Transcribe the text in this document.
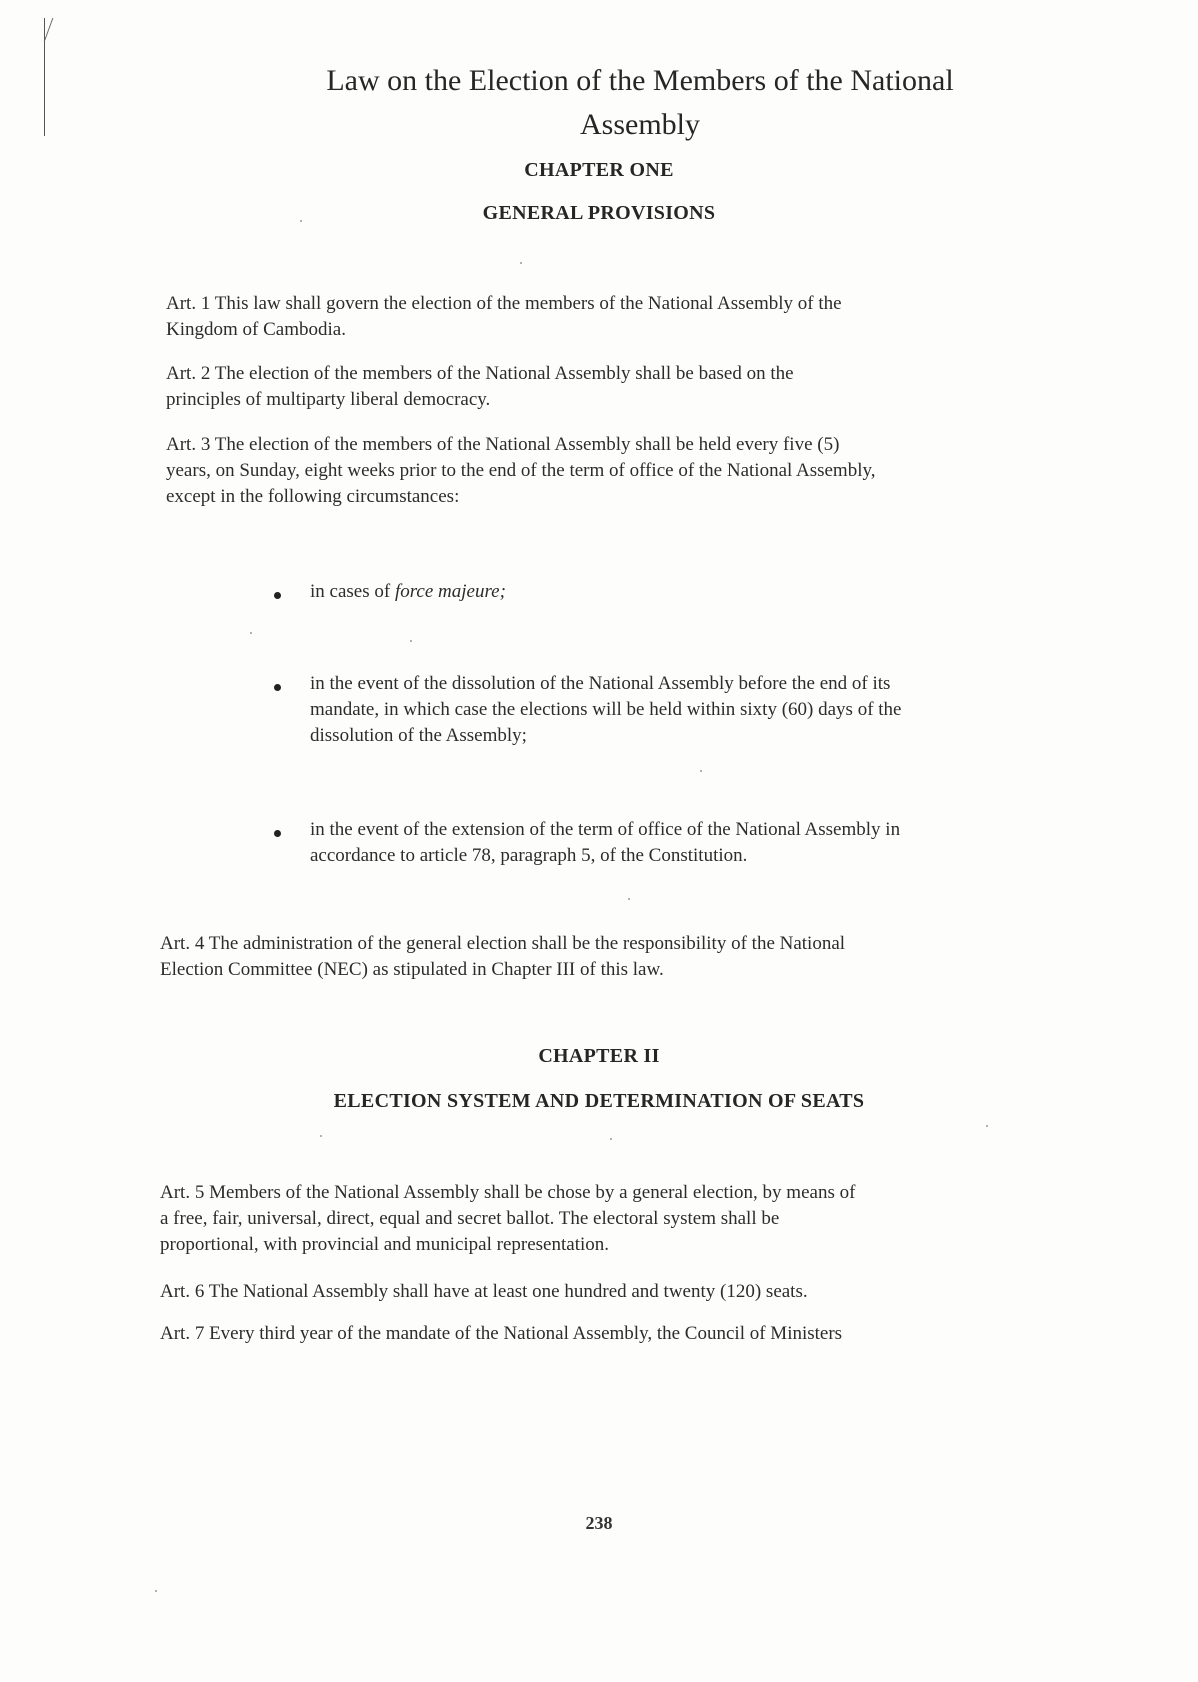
Law on the Election of the Members of the National
Assembly
CHAPTER ONE
GENERAL PROVISIONS

Art. 1 This law shall govern the election of the members of the National Assembly of the

Kingdom of Cambodia.

Art. 2 The election of the members of the National Assembly shall be based on the

principles of multiparty liberal democracy.

Art. 3 The election of the members of the National Assembly shall be held every five (5)

years, on Sunday, eight weeks prior to the end of the term of office of the National Assembly,

except in the following circumstances:

in cases of force majeure;

in the event of the dissolution of the National Assembly before the end of its

mandate, in which case the elections will be held within sixty (60) days of the

dissolution of the Assembly;

in the event of the extension of the term of office of the National Assembly in

accordance to article 78, paragraph 5, of the Constitution.

Art. 4 The administration of the general election shall be the responsibility of the National

Election Committee (NEC) as stipulated in Chapter III of this law.

CHAPTER II
ELECTION SYSTEM AND DETERMINATION OF SEATS

Art. 5 Members of the National Assembly shall be chose by a general election, by means of

a free, fair, universal, direct, equal and secret ballot. The electoral system shall be

proportional, with provincial and municipal representation.

Art. 6 The National Assembly shall have at least one hundred and twenty (120) seats.

Art. 7 Every third year of the mandate of the National Assembly, the Council of Ministers

238
